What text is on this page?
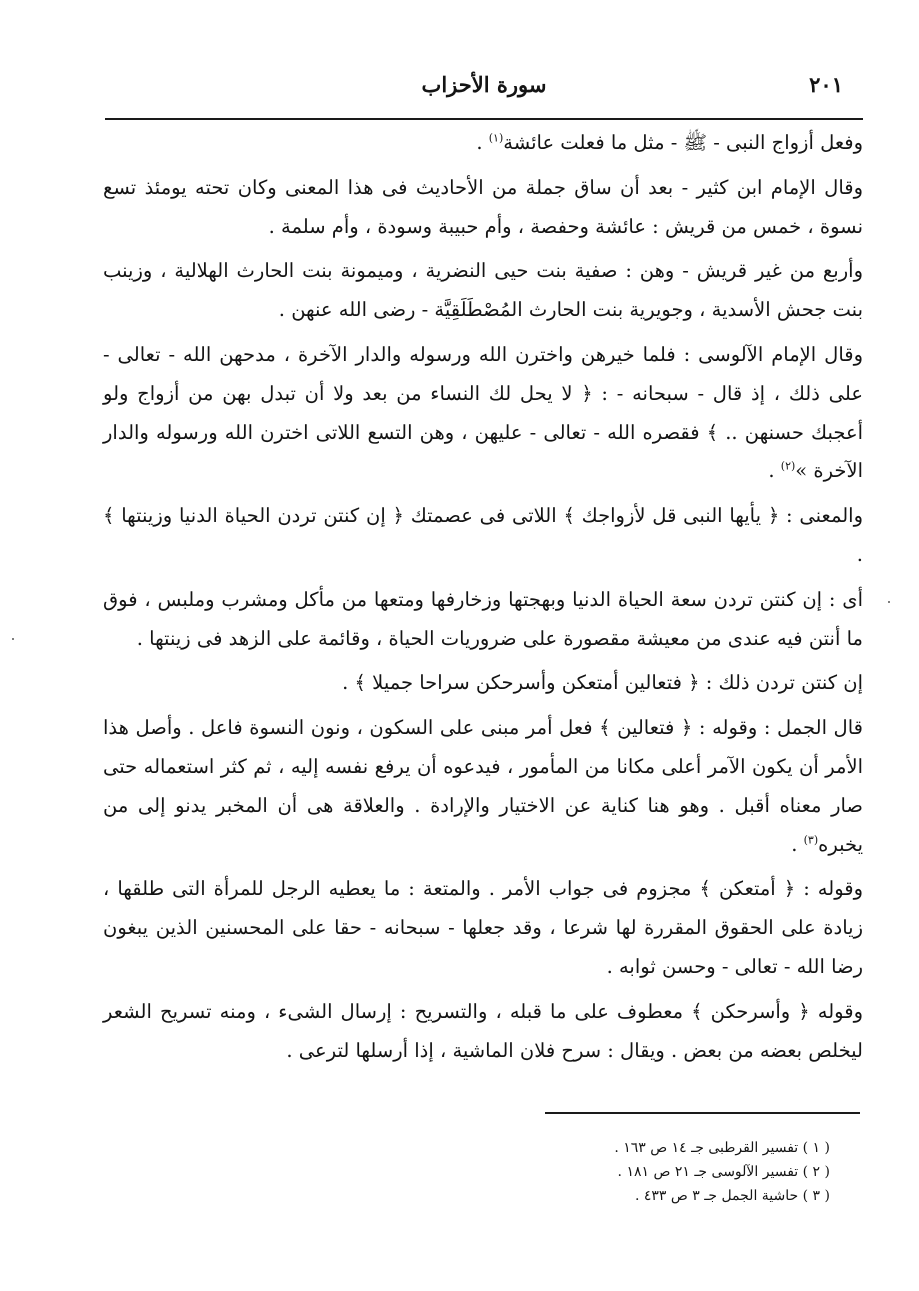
سورة الأحزاب	٢٠١

وفعل أزواج النبى - ﷺ - مثل ما فعلت عائشة$^{(١)}$ .

وقال الإمام ابن كثير - بعد أن ساق جملة من الأحاديث فى هذا المعنى وكان تحته يومئذ تسع نسوة ، خمس من قريش : عائشة وحفصة ، وأم حبيبة وسودة ، وأم سلمة .

وأربع من غير قريش - وهن : صفية بنت حيى النضرية ، وميمونة بنت الحارث الهلالية ، وزينب بنت جحش الأسدية ، وجويرية بنت الحارث المُصْطَلَقِيَّة - رضى الله عنهن .

وقال الإمام الآلوسى : فلما خيرهن واخترن الله ورسوله والدار الآخرة ، مدحهن الله - تعالى - على ذلك ، إذ قال - سبحانه - : ﴿ لا يحل لك النساء من بعد ولا أن تبدل بهن من أزواج ولو أعجبك حسنهن .. ﴾ فقصره الله - تعالى - عليهن ، وهن التسع اللاتى اخترن الله ورسوله والدار الآخرة »$^{(٢)}$ .

والمعنى : ﴿ يأيها النبى قل لأزواجك ﴾ اللاتى فى عصمتك ﴿ إن كنتن تردن الحياة الدنيا وزينتها ﴾ .

أى : إن كنتن تردن سعة الحياة الدنيا وبهجتها وزخارفها ومتعها من مأكل ومشرب وملبس ، فوق ما أنتن فيه عندى من معيشة مقصورة على ضروريات الحياة ، وقائمة على الزهد فى زينتها .

إن كنتن تردن ذلك : ﴿ فتعالين أمتعكن وأسرحكن سراحا جميلا ﴾ .

قال الجمل : وقوله : ﴿ فتعالين ﴾ فعل أمر مبنى على السكون ، ونون النسوة فاعل . وأصل هذا الأمر أن يكون الآمر أعلى مكانا من المأمور ، فيدعوه أن يرفع نفسه إليه ، ثم كثر استعماله حتى صار معناه أقبل . وهو هنا كناية عن الاختيار والإرادة . والعلاقة هى أن المخبر يدنو إلى من يخبره$^{(٣)}$ .

وقوله : ﴿ أمتعكن ﴾ مجزوم فى جواب الأمر . والمتعة : ما يعطيه الرجل للمرأة التى طلقها ، زيادة على الحقوق المقررة لها شرعا ، وقد جعلها - سبحانه - حقا على المحسنين الذين يبغون رضا الله - تعالى - وحسن ثوابه .

وقوله ﴿ وأسرحكن ﴾ معطوف على ما قبله ، والتسريح : إرسال الشىء ، ومنه تسريح الشعر ليخلص بعضه من بعض . ويقال : سرح فلان الماشية ، إذا أرسلها لترعى .

( ١ ) تفسير القرطبى جـ ١٤ ص ١٦٣ .
( ٢ ) تفسير الآلوسى جـ ٢١ ص ١٨١ .
( ٣ ) حاشية الجمل جـ ٣ ص ٤٣٣ .
